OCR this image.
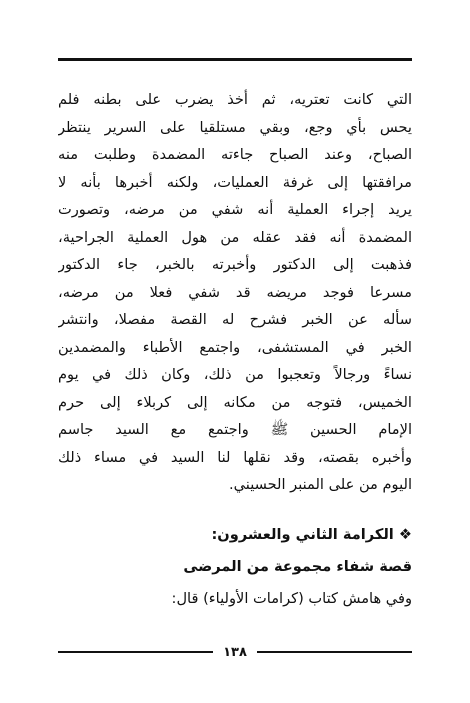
التي كانت تعتريه، ثم أخذ يضرب على بطنه فلم
يحس بأي وجع، وبقي مستلقيا على السرير ينتظر
الصباح، وعند الصباح جاءته المضمدة وطلبت منه
مرافقتها إلى غرفة العمليات، ولكنه أخبرها بأنه لا
يريد إجراء العملية أنه شفي من مرضه، وتصورت
المضمدة أنه فقد عقله من هول العملية الجراحية،
فذهبت إلى الدكتور وأخبرته بالخبر، جاء الدكتور
مسرعا فوجد مريضه قد شفي فعلا من مرضه،
سأله عن الخبر فشرح له القصة مفصلا، وانتشر
الخبر في المستشفى، واجتمع الأطباء والمضمدين
نساءً ورجالاً وتعجبوا من ذلك، وكان ذلك في يوم
الخميس، فتوجه من مكانه إلى كربلاء إلى حرم
الإمام الحسين ﷺ واجتمع مع السيد جاسم
وأخبره بقصته، وقد نقلها لنا السيد في مساء ذلك
اليوم من على المنبر الحسيني.
❖ الكرامة الثاني والعشرون:
قصة شفاء مجموعة من المرضى
وفي هامش كتاب (كرامات الأولياء) قال:
١٣٨
